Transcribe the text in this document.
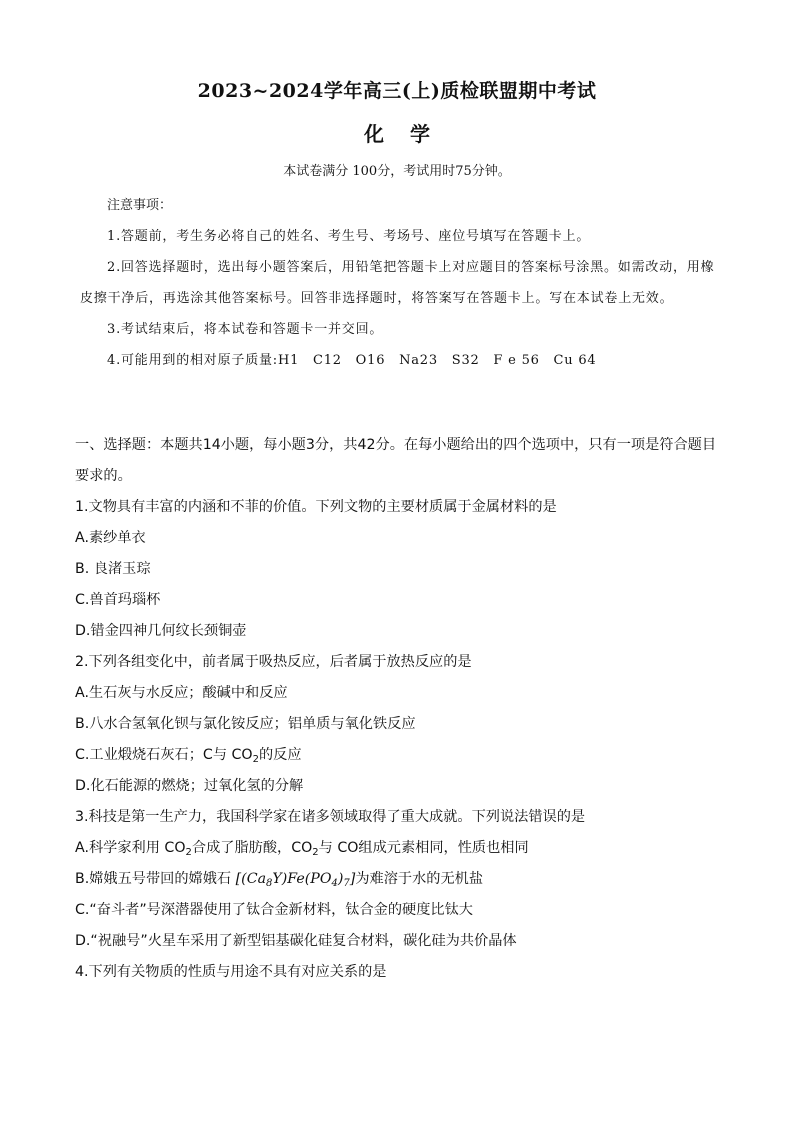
2023~2024学年高三(上)质检联盟期中考试
化学
本试卷满分 100分，考试用时75分钟。

注意事项：

1.答题前，考生务必将自己的姓名、考生号、考场号、座位号填写在答题卡上。

2.回答选择题时，选出每小题答案后，用铅笔把答题卡上对应题目的答案标号涂黑。如需改动，用橡皮擦干净后，再选涂其他答案标号。回答非选择题时，将答案写在答题卡上。写在本试卷上无效。

3.考试结束后，将本试卷和答题卡一并交回。

4.可能用到的相对原子质量:H1　C12　O16　Na23　S32　F e 56　Cu 64

一、选择题：本题共14小题，每小题3分，共42分。在每小题给出的四个选项中，只有一项是符合题目要求的。

1.文物具有丰富的内涵和不菲的价值。下列文物的主要材质属于金属材料的是

A.素纱单衣

B. 良渚玉琮

C.兽首玛瑙杯

D.错金四神几何纹长颈铜壶

2.下列各组变化中，前者属于吸热反应，后者属于放热反应的是

A.生石灰与水反应；酸碱中和反应

B.八水合氢氧化钡与氯化铵反应；铝单质与氧化铁反应

C.工业煅烧石灰石；C与 $CO_2$的反应

D.化石能源的燃烧；过氧化氢的分解

3.科技是第一生产力，我国科学家在诸多领域取得了重大成就。下列说法错误的是

A.科学家利用 $CO_2$合成了脂肪酸，$CO_2$与 CO组成元素相同，性质也相同

B.嫦娥五号带回的嫦娥石 $[(Ca_8Y)Fe(PO_4)_7]$为难溶于水的无机盐

C.“奋斗者”号深潜器使用了钛合金新材料，钛合金的硬度比钛大

D.“祝融号”火星车采用了新型铝基碳化硅复合材料，碳化硅为共价晶体

4.下列有关物质的性质与用途不具有对应关系的是
